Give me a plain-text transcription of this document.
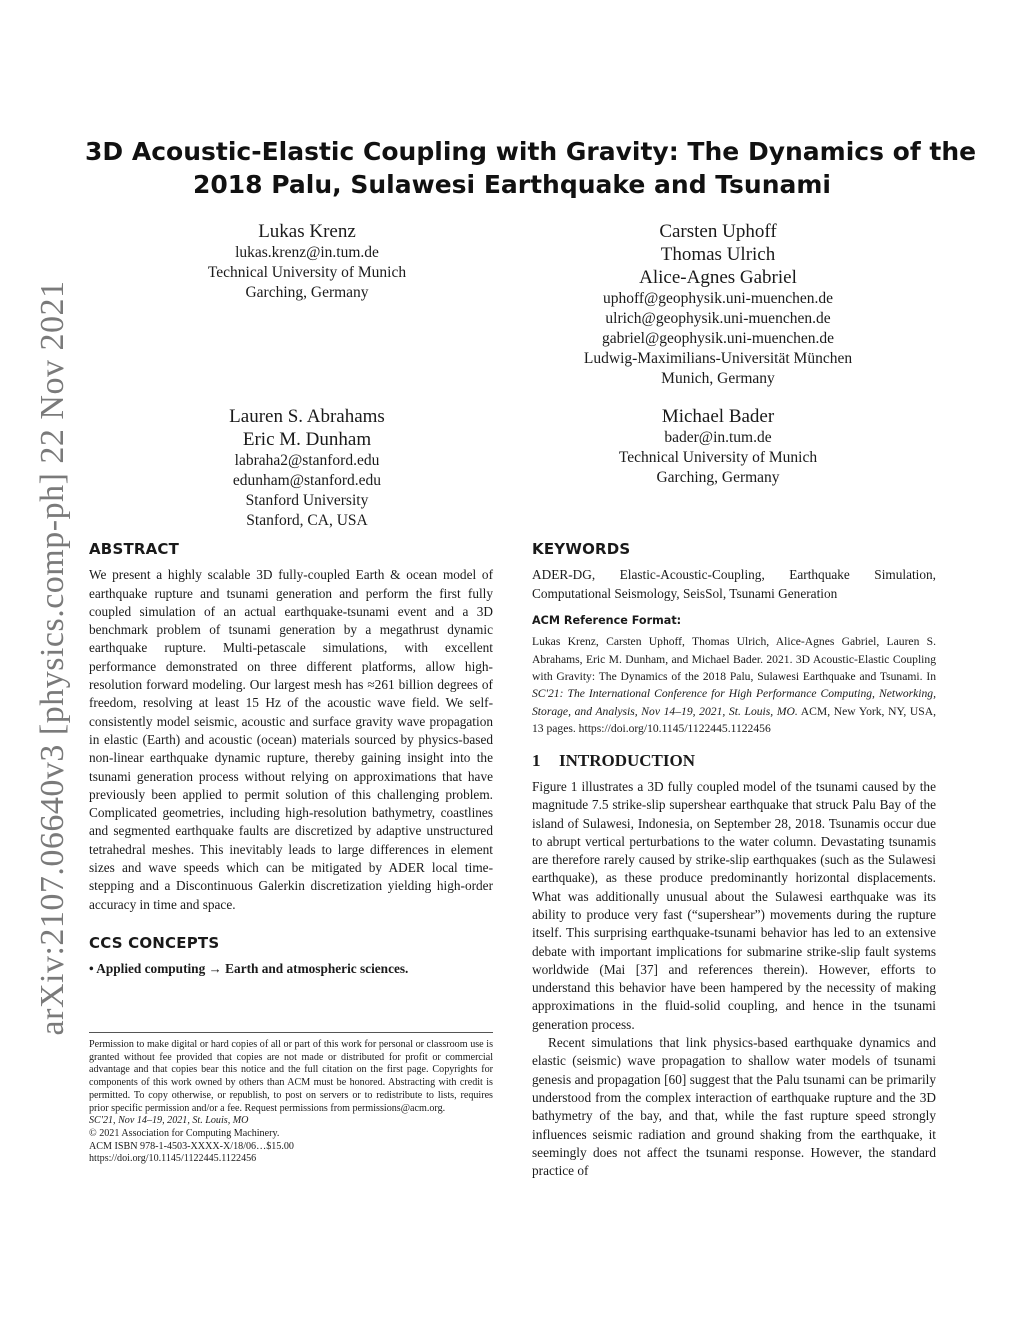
arXiv:2107.06640v3 [physics.comp-ph] 22 Nov 2021
3D Acoustic-Elastic Coupling with Gravity: The Dynamics of the
2018 Palu, Sulawesi Earthquake and Tsunami
Lukas Krenz
lukas.krenz@in.tum.de
Technical University of Munich
Garching, Germany
Carsten Uphoff
Thomas Ulrich
Alice-Agnes Gabriel
uphoff@geophysik.uni-muenchen.de
ulrich@geophysik.uni-muenchen.de
gabriel@geophysik.uni-muenchen.de
Ludwig-Maximilians-Universität München
Munich, Germany
Lauren S. Abrahams
Eric M. Dunham
labraha2@stanford.edu
edunham@stanford.edu
Stanford University
Stanford, CA, USA
Michael Bader
bader@in.tum.de
Technical University of Munich
Garching, Germany
ABSTRACT

We present a highly scalable 3D fully-coupled Earth & ocean model of earthquake rupture and tsunami generation and perform the first fully coupled simulation of an actual earthquake-tsunami event and a 3D benchmark problem of tsunami generation by a megathrust dynamic earthquake rupture. Multi-petascale simulations, with excellent performance demonstrated on three different platforms, allow high-resolution forward modeling. Our largest mesh has ≈261 billion degrees of freedom, resolving at least 15 Hz of the acoustic wave field. We self-consistently model seismic, acoustic and surface gravity wave propagation in elastic (Earth) and acoustic (ocean) materials sourced by physics-based non-linear earthquake dynamic rupture, thereby gaining insight into the tsunami generation process without relying on approximations that have previously been applied to permit solution of this challenging problem. Complicated geometries, including high-resolution bathymetry, coastlines and segmented earthquake faults are discretized by adaptive unstructured tetrahedral meshes. This inevitably leads to large differences in element sizes and wave speeds which can be mitigated by ADER local time-stepping and a Discontinuous Galerkin discretization yielding high-order accuracy in time and space.

CCS CONCEPTS
• Applied computing → Earth and atmospheric sciences.

Permission to make digital or hard copies of all or part of this work for personal or classroom use is granted without fee provided that copies are not made or distributed for profit or commercial advantage and that copies bear this notice and the full citation on the first page. Copyrights for components of this work owned by others than ACM must be honored. Abstracting with credit is permitted. To copy otherwise, or republish, to post on servers or to redistribute to lists, requires prior specific permission and/or a fee. Request permissions from permissions@acm.org.

SC'21, Nov 14–19, 2021, St. Louis, MO
© 2021 Association for Computing Machinery.
ACM ISBN 978-1-4503-XXXX-X/18/06…$15.00
https://doi.org/10.1145/1122445.1122456
KEYWORDS

ADER-DG, Elastic-Acoustic-Coupling, Earthquake Simulation, Computational Seismology, SeisSol, Tsunami Generation

ACM Reference Format:

Lukas Krenz, Carsten Uphoff, Thomas Ulrich, Alice-Agnes Gabriel, Lauren S. Abrahams, Eric M. Dunham, and Michael Bader. 2021. 3D Acoustic-Elastic Coupling with Gravity: The Dynamics of the 2018 Palu, Sulawesi Earthquake and Tsunami. In SC'21: The International Conference for High Performance Computing, Networking, Storage, and Analysis, Nov 14–19, 2021, St. Louis, MO. ACM, New York, NY, USA, 13 pages. https://doi.org/10.1145/1122445.1122456

1 INTRODUCTION

Figure 1 illustrates a 3D fully coupled model of the tsunami caused by the magnitude 7.5 strike-slip supershear earthquake that struck Palu Bay of the island of Sulawesi, Indonesia, on September 28, 2018. Tsunamis occur due to abrupt vertical perturbations to the water column. Devastating tsunamis are therefore rarely caused by strike-slip earthquakes (such as the Sulawesi earthquake), as these produce predominantly horizontal displacements. What was additionally unusual about the Sulawesi earthquake was its ability to produce very fast (“supershear”) movements during the rupture itself. This surprising earthquake-tsunami behavior has led to an extensive debate with important implications for submarine strike-slip fault systems worldwide (Mai [37] and references therein). However, efforts to understand this behavior have been hampered by the necessity of making approximations in the fluid-solid coupling, and hence in the tsunami generation process.

Recent simulations that link physics-based earthquake dynamics and elastic (seismic) wave propagation to shallow water models of tsunami genesis and propagation [60] suggest that the Palu tsunami can be primarily understood from the complex interaction of earthquake rupture and the 3D bathymetry of the bay, and that, while the fast rupture speed strongly influences seismic radiation and ground shaking from the earthquake, it seemingly does not affect the tsunami response. However, the standard practice of
